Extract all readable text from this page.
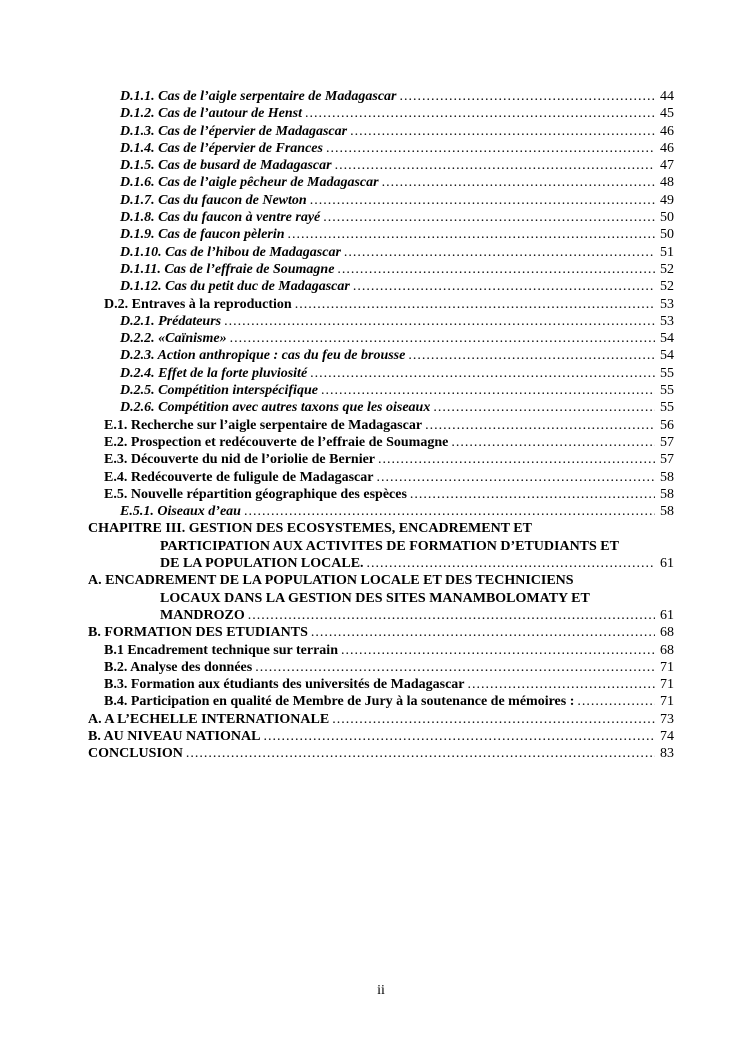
D.1.1. Cas de l’aigle serpentaire de Madagascar .....	44
D.1.2. Cas de l’autour de Henst .....	45
D.1.3. Cas de l’épervier de Madagascar .....	46
D.1.4. Cas de l’épervier de Frances .....	46
D.1.5. Cas de busard de Madagascar .....	47
D.1.6. Cas de l’aigle pêcheur de Madagascar .....	48
D.1.7. Cas du faucon de Newton .....	49
D.1.8. Cas du faucon à ventre rayé .....	50
D.1.9. Cas de faucon pèlerin .....	50
D.1.10. Cas de l’hibou de Madagascar .....	51
D.1.11. Cas de l’effraie de Soumagne .....	52
D.1.12. Cas du petit duc de Madagascar .....	52
D.2. Entraves à la reproduction .....	53
D.2.1. Prédateurs .....	53
D.2.2. «Caïnisme» .....	54
D.2.3. Action anthropique : cas du feu de brousse .....	54
D.2.4. Effet de la forte pluviosité .....	55
D.2.5. Compétition interspécifique .....	55
D.2.6. Compétition avec autres taxons que les oiseaux .....	55
E.1. Recherche sur l’aigle serpentaire de Madagascar .....	56
E.2. Prospection et redécouverte de l’effraie de Soumagne .....	57
E.3. Découverte du nid de l’oriolie de Bernier .....	57
E.4. Redécouverte de fuligule de Madagascar .....	58
E.5. Nouvelle répartition géographique des espèces .....	58
E.5.1. Oiseaux d’eau .....	58
CHAPITRE III. GESTION DES ECOSYSTEMES, ENCADREMENT ET
PARTICIPATION AUX ACTIVITES DE FORMATION D’ETUDIANTS ET
DE LA POPULATION LOCALE. .....	61
A. ENCADREMENT DE LA POPULATION LOCALE ET DES TECHNICIENS
LOCAUX DANS LA GESTION DES SITES MANAMBOLOMATY ET
MANDROZO .....	61
B. FORMATION DES ETUDIANTS .....	68
B.1 Encadrement technique sur terrain .....	68
B.2. Analyse des données .....	71
B.3. Formation aux étudiants des universités de Madagascar .....	71
B.4. Participation en qualité de Membre de Jury à la soutenance de mémoires : .....	71
A. A L’ECHELLE INTERNATIONALE .....	73
B. AU NIVEAU NATIONAL .....	74
CONCLUSION .....	83
ii
